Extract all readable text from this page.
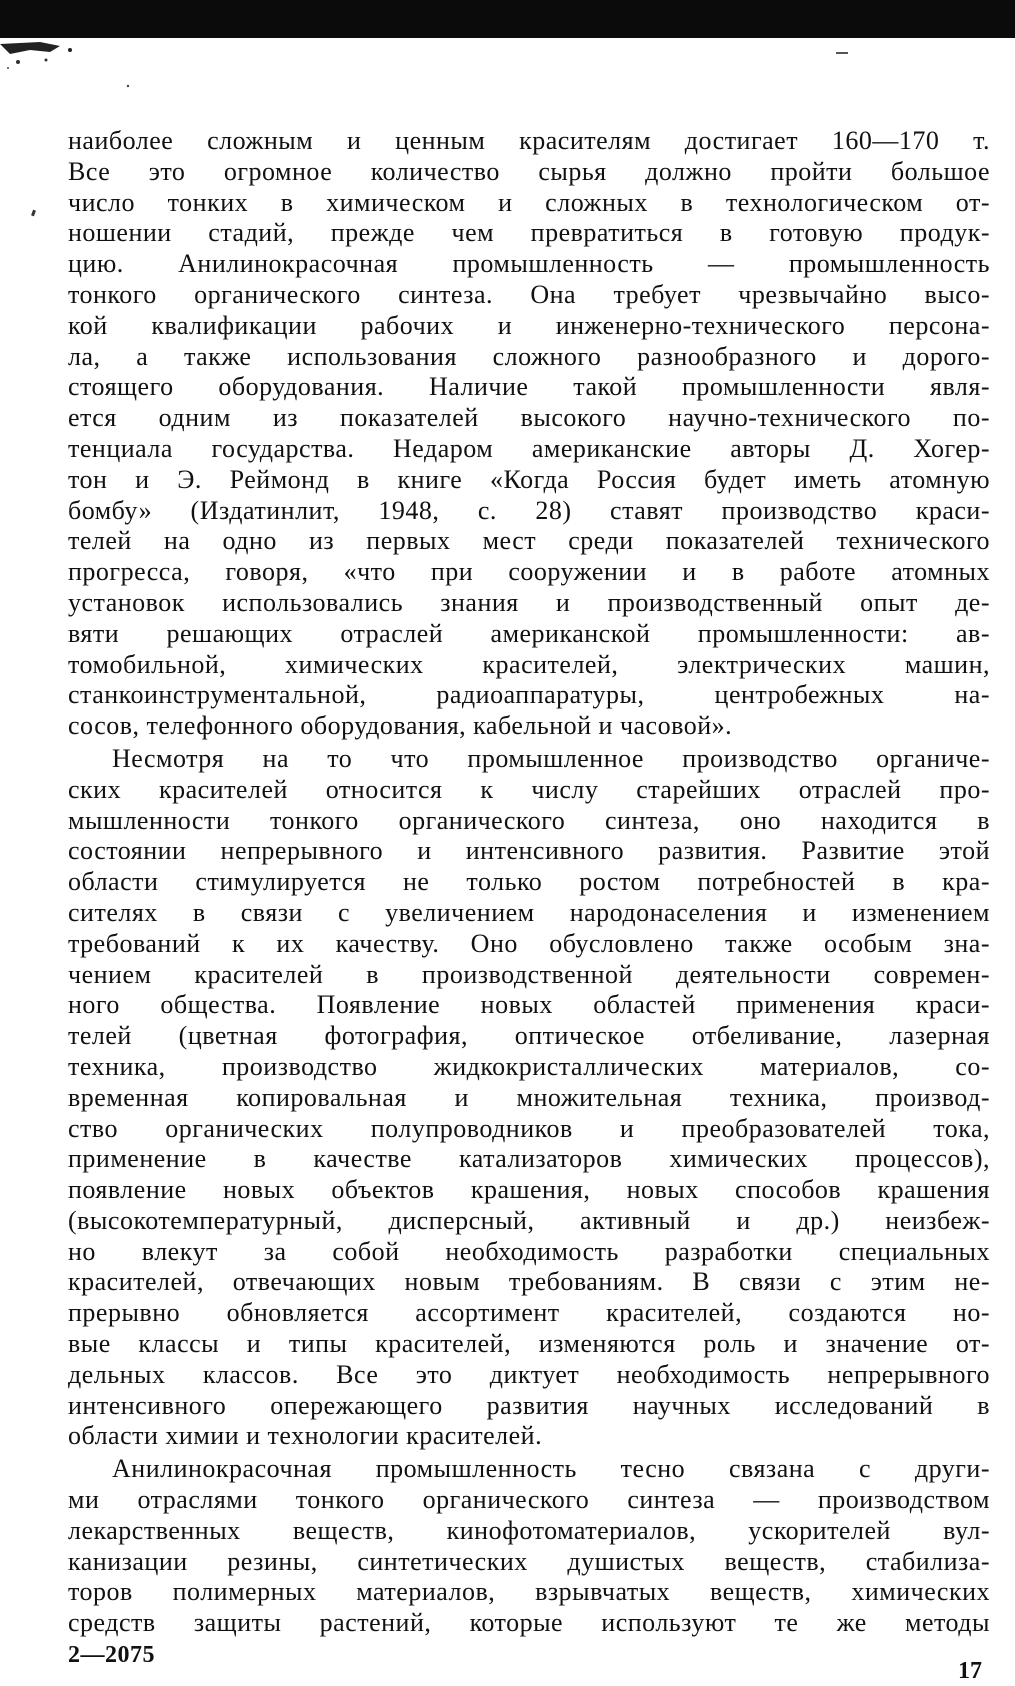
наиболее сложным и ценным красителям достигает 160—170 т.
Все это огромное количество сырья должно пройти большое
число тонких в химическом и сложных в технологическом от-
ношении стадий, прежде чем превратиться в готовую продук-
цию. Анилинокрасочная промышленность — промышленность
тонкого органического синтеза. Она требует чрезвычайно высо-
кой квалификации рабочих и инженерно-технического персона-
ла, а также использования сложного разнообразного и дорого-
стоящего оборудования. Наличие такой промышленности явля-
ется одним из показателей высокого научно-технического по-
тенциала государства. Недаром американские авторы Д. Хогер-
тон и Э. Реймонд в книге «Когда Россия будет иметь атомную
бомбу» (Издатинлит, 1948, с. 28) ставят производство краси-
телей на одно из первых мест среди показателей технического
прогресса, говоря, «что при сооружении и в работе атомных
установок использовались знания и производственный опыт де-
вяти решающих отраслей американской промышленности: ав-
томобильной, химических красителей, электрических машин,
станкоинструментальной, радиоаппаратуры, центробежных на-
сосов, телефонного оборудования, кабельной и часовой».
Несмотря на то что промышленное производство органиче-
ских красителей относится к числу старейших отраслей про-
мышленности тонкого органического синтеза, оно находится в
состоянии непрерывного и интенсивного развития. Развитие этой
области стимулируется не только ростом потребностей в кра-
сителях в связи с увеличением народонаселения и изменением
требований к их качеству. Оно обусловлено также особым зна-
чением красителей в производственной деятельности современ-
ного общества. Появление новых областей применения краси-
телей (цветная фотография, оптическое отбеливание, лазерная
техника, производство жидкокристаллических материалов, со-
временная копировальная и множительная техника, производ-
ство органических полупроводников и преобразователей тока,
применение в качестве катализаторов химических процессов),
появление новых объектов крашения, новых способов крашения
(высокотемпературный, дисперсный, активный и др.) неизбеж-
но влекут за собой необходимость разработки специальных
красителей, отвечающих новым требованиям. В связи с этим не-
прерывно обновляется ассортимент красителей, создаются но-
вые классы и типы красителей, изменяются роль и значение от-
дельных классов. Все это диктует необходимость непрерывного
интенсивного опережающего развития научных исследований в
области химии и технологии красителей.
Анилинокрасочная промышленность тесно связана с други-
ми отраслями тонкого органического синтеза — производством
лекарственных веществ, кинофотоматериалов, ускорителей вул-
канизации резины, синтетических душистых веществ, стабилиза-
торов полимерных материалов, взрывчатых веществ, химических
средств защиты растений, которые используют те же методы
2—2075
17
